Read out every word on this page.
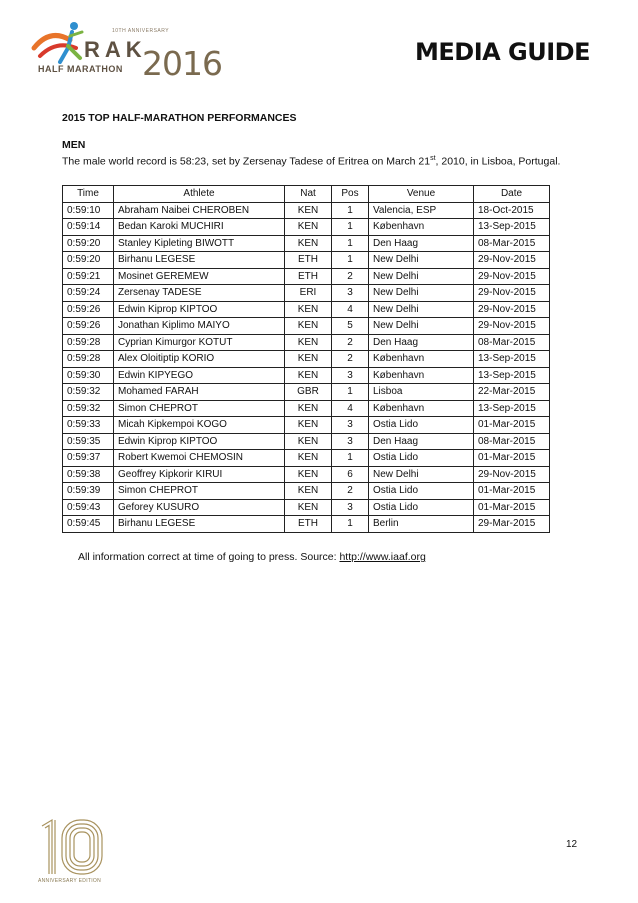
10TH ANNIVERSARY
RAK
HALF MARATHON 2016	MEDIA GUIDE
2015 TOP HALF-MARATHON PERFORMANCES
MEN
The male world record is 58:23, set by Zersenay Tadese of Eritrea on March 21st, 2010, in Lisboa, Portugal.
Time	Athlete	Nat	Pos	Venue	Date
0:59:10	Abraham Naibei CHEROBEN	KEN	1	Valencia, ESP	18-Oct-2015
0:59:14	Bedan Karoki MUCHIRI	KEN	1	København	13-Sep-2015
0:59:20	Stanley Kipleting BIWOTT	KEN	1	Den Haag	08-Mar-2015
0:59:20	Birhanu LEGESE	ETH	1	New Delhi	29-Nov-2015
0:59:21	Mosinet GEREMEW	ETH	2	New Delhi	29-Nov-2015
0:59:24	Zersenay TADESE	ERI	3	New Delhi	29-Nov-2015
0:59:26	Edwin Kiprop KIPTOO	KEN	4	New Delhi	29-Nov-2015
0:59:26	Jonathan Kiplimo MAIYO	KEN	5	New Delhi	29-Nov-2015
0:59:28	Cyprian Kimurgor KOTUT	KEN	2	Den Haag	08-Mar-2015
0:59:28	Alex Oloitiptip KORIO	KEN	2	København	13-Sep-2015
0:59:30	Edwin KIPYEGO	KEN	3	København	13-Sep-2015
0:59:32	Mohamed FARAH	GBR	1	Lisboa	22-Mar-2015
0:59:32	Simon CHEPROT	KEN	4	København	13-Sep-2015
0:59:33	Micah Kipkempoi KOGO	KEN	3	Ostia Lido	01-Mar-2015
0:59:35	Edwin Kiprop KIPTOO	KEN	3	Den Haag	08-Mar-2015
0:59:37	Robert Kwemoi CHEMOSIN	KEN	1	Ostia Lido	01-Mar-2015
0:59:38	Geoffrey Kipkorir KIRUI	KEN	6	New Delhi	29-Nov-2015
0:59:39	Simon CHEPROT	KEN	2	Ostia Lido	01-Mar-2015
0:59:43	Geforey KUSURO	KEN	3	Ostia Lido	01-Mar-2015
0:59:45	Birhanu LEGESE	ETH	1	Berlin	29-Mar-2015
All information correct at time of going to press. Source: http://www.iaaf.org
12
ANNIVERSARY EDITION
